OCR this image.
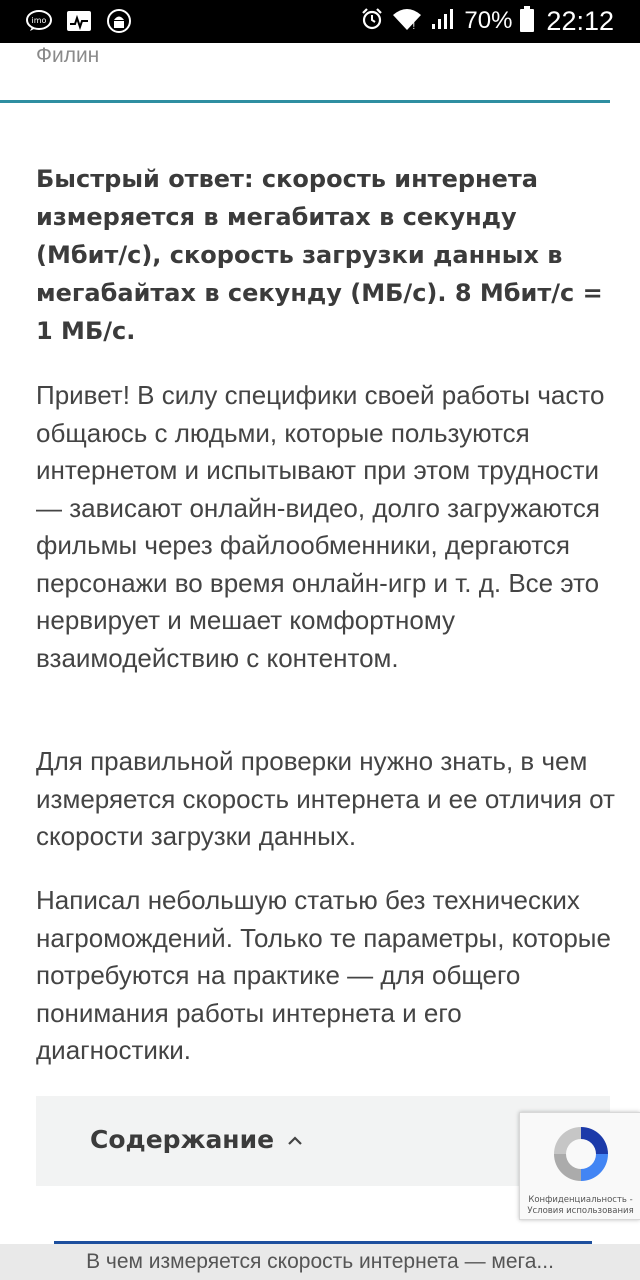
imo
! 70% 22:12
Филин
Быстрый ответ: скорость интернета измеряется в мегабитах в секунду (Мбит/с), скорость загрузки данных в мегабайтах в секунду (МБ/с). 8 Мбит/с = 1 МБ/с.
Привет! В силу специфики своей работы часто общаюсь с людьми, которые пользуются интернетом и испытывают при этом трудности — зависают онлайн-видео, долго загружаются фильмы через файлообменники, дергаются персонажи во время онлайн-игр и т. д. Все это нервирует и мешает комфортному взаимодействию с контентом.
Для правильной проверки нужно знать, в чем измеряется скорость интернета и ее отличия от скорости загрузки данных.
Написал небольшую статью без технических нагромождений. Только те параметры, которые потребуются на практике — для общего понимания работы интернета и его диагностики.
Содержание
Конфиденциальность - Условия использования
В чем измеряется скорость интернета — мега...
